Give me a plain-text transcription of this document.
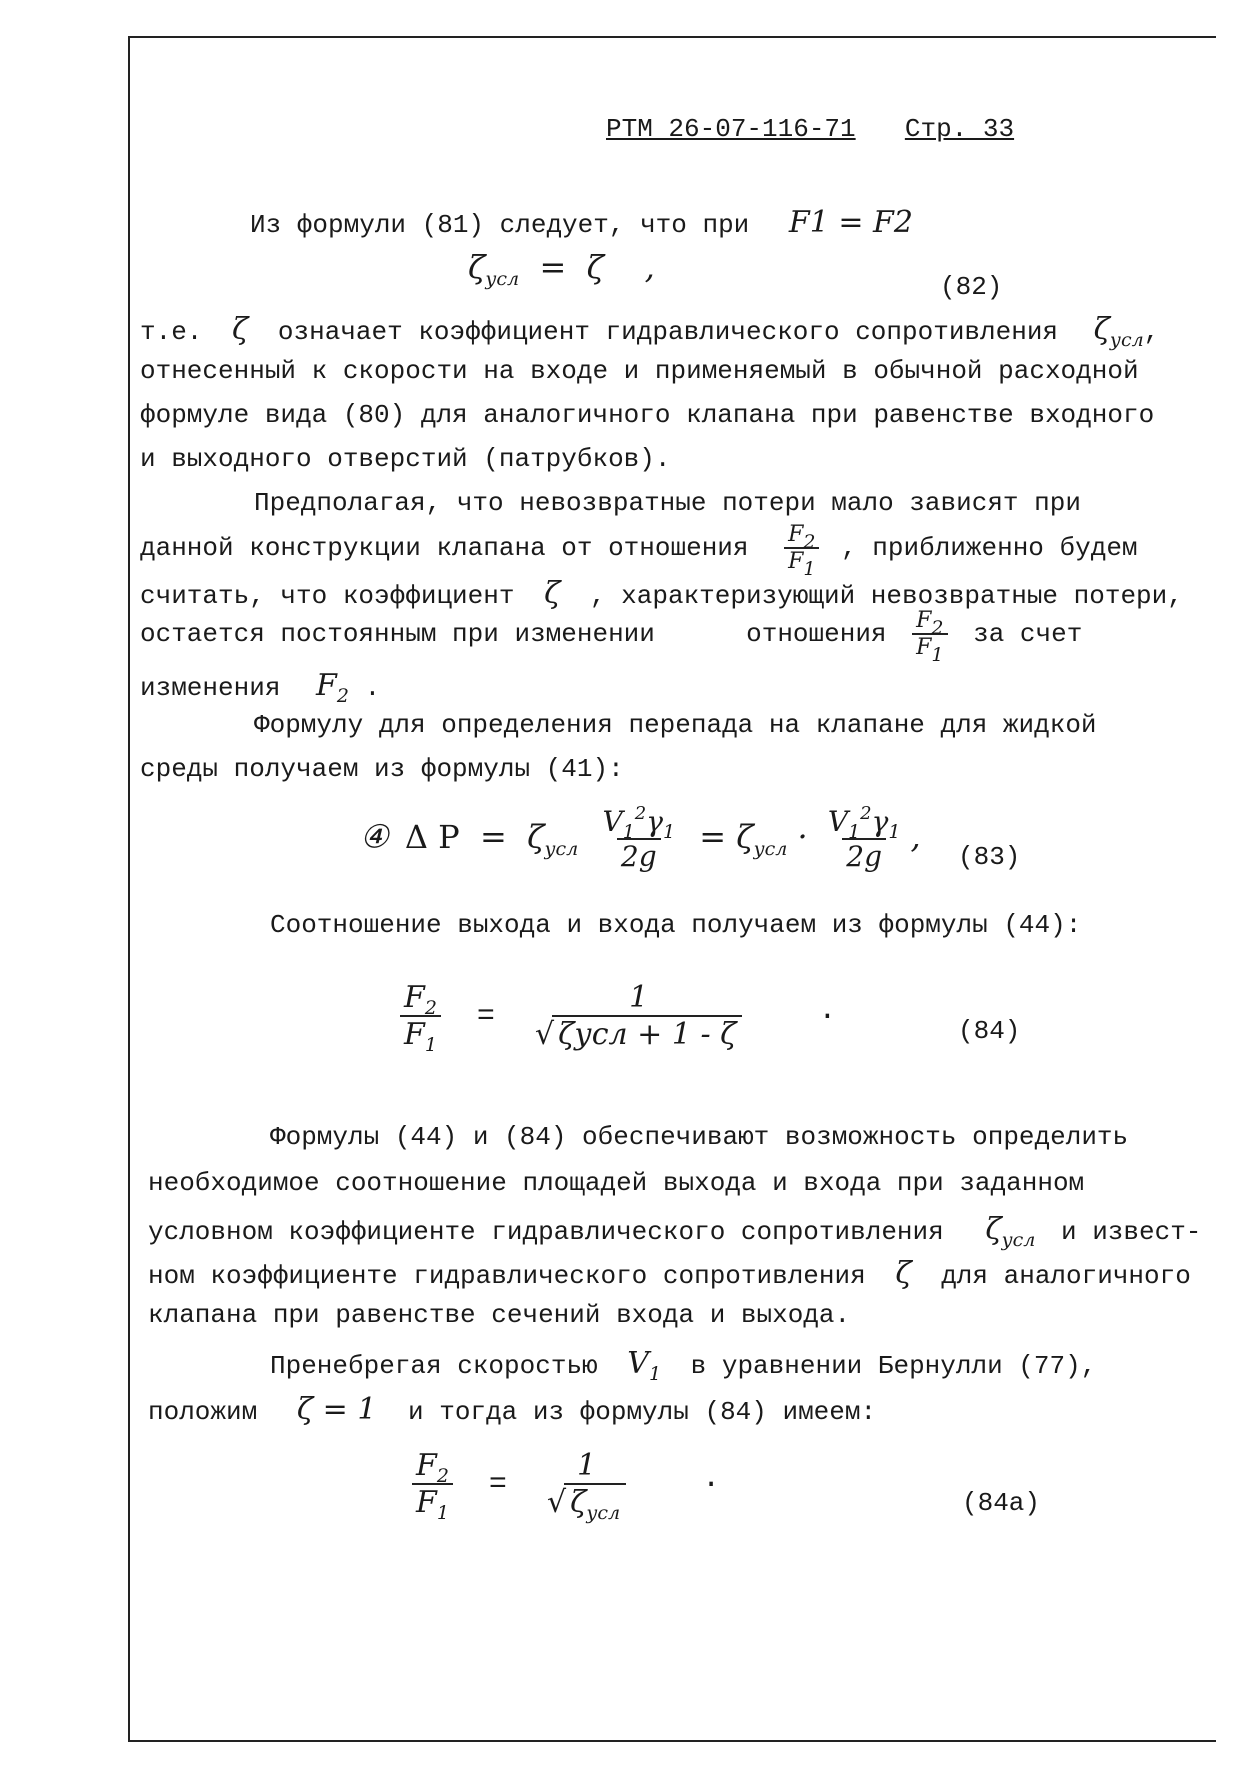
РТМ 26-07-116-71 Стр. 33
Из формули (81) следует, что при F1 = F2
$\zeta_{усл} = \zeta$ ,
(82)
т.е. ζ означает коэффициент гидравлического сопротивления $\zeta_{усл}$,
отнесенный к скорости на входе и применяемый в обычной расходной
формуле вида (80) для аналогичного клапана при равенстве входного
и выходного отверстий (патрубков).
Предполагая, что невозвратные потери мало зависят при
данной конструкции клапана от отношения $\frac{F2}{F1}$ , приближенно будем
считать, что коэффициент ζ , характеризующий невозвратные потери,
остается постоянным при изменении	отношения $\frac{F2}{F1}$ за счет
изменения $F_2$ .
Формулу для определения перепада на клапане для жидкой
среды получаем из формулы (41):
④ Δ $P = \zeta_{усл} \frac{V_1^2\gamma_1}{2g} = \zeta_{усл} \cdot \frac{V_1^2\gamma_1}{2g}$ ,
(83)
Соотношение выхода и входа получаем из формулы (44):
$\frac{F_2}{F_1}$ =
1
√ ζусл + 1 - ζ
·	(84)
Формулы (44) и (84) обеспечивают возможность определить
необходимое соотношение площадей выхода и входа при заданном
условном коэффициенте гидравлического сопротивления $\zeta_{усл}$ и извест-
ном коэффициенте гидравлического сопротивления ζ для аналогичного
клапана при равенстве сечений входа и выхода.
Пренебрегая скоростью $V_1$ в уравнении Бернулли (77),
положим ζ = 1 и тогда из формулы (84) имеем:
$\frac{F_2}{F_1}$ =
1
√ $\zeta_{усл}$
·
(84a)
